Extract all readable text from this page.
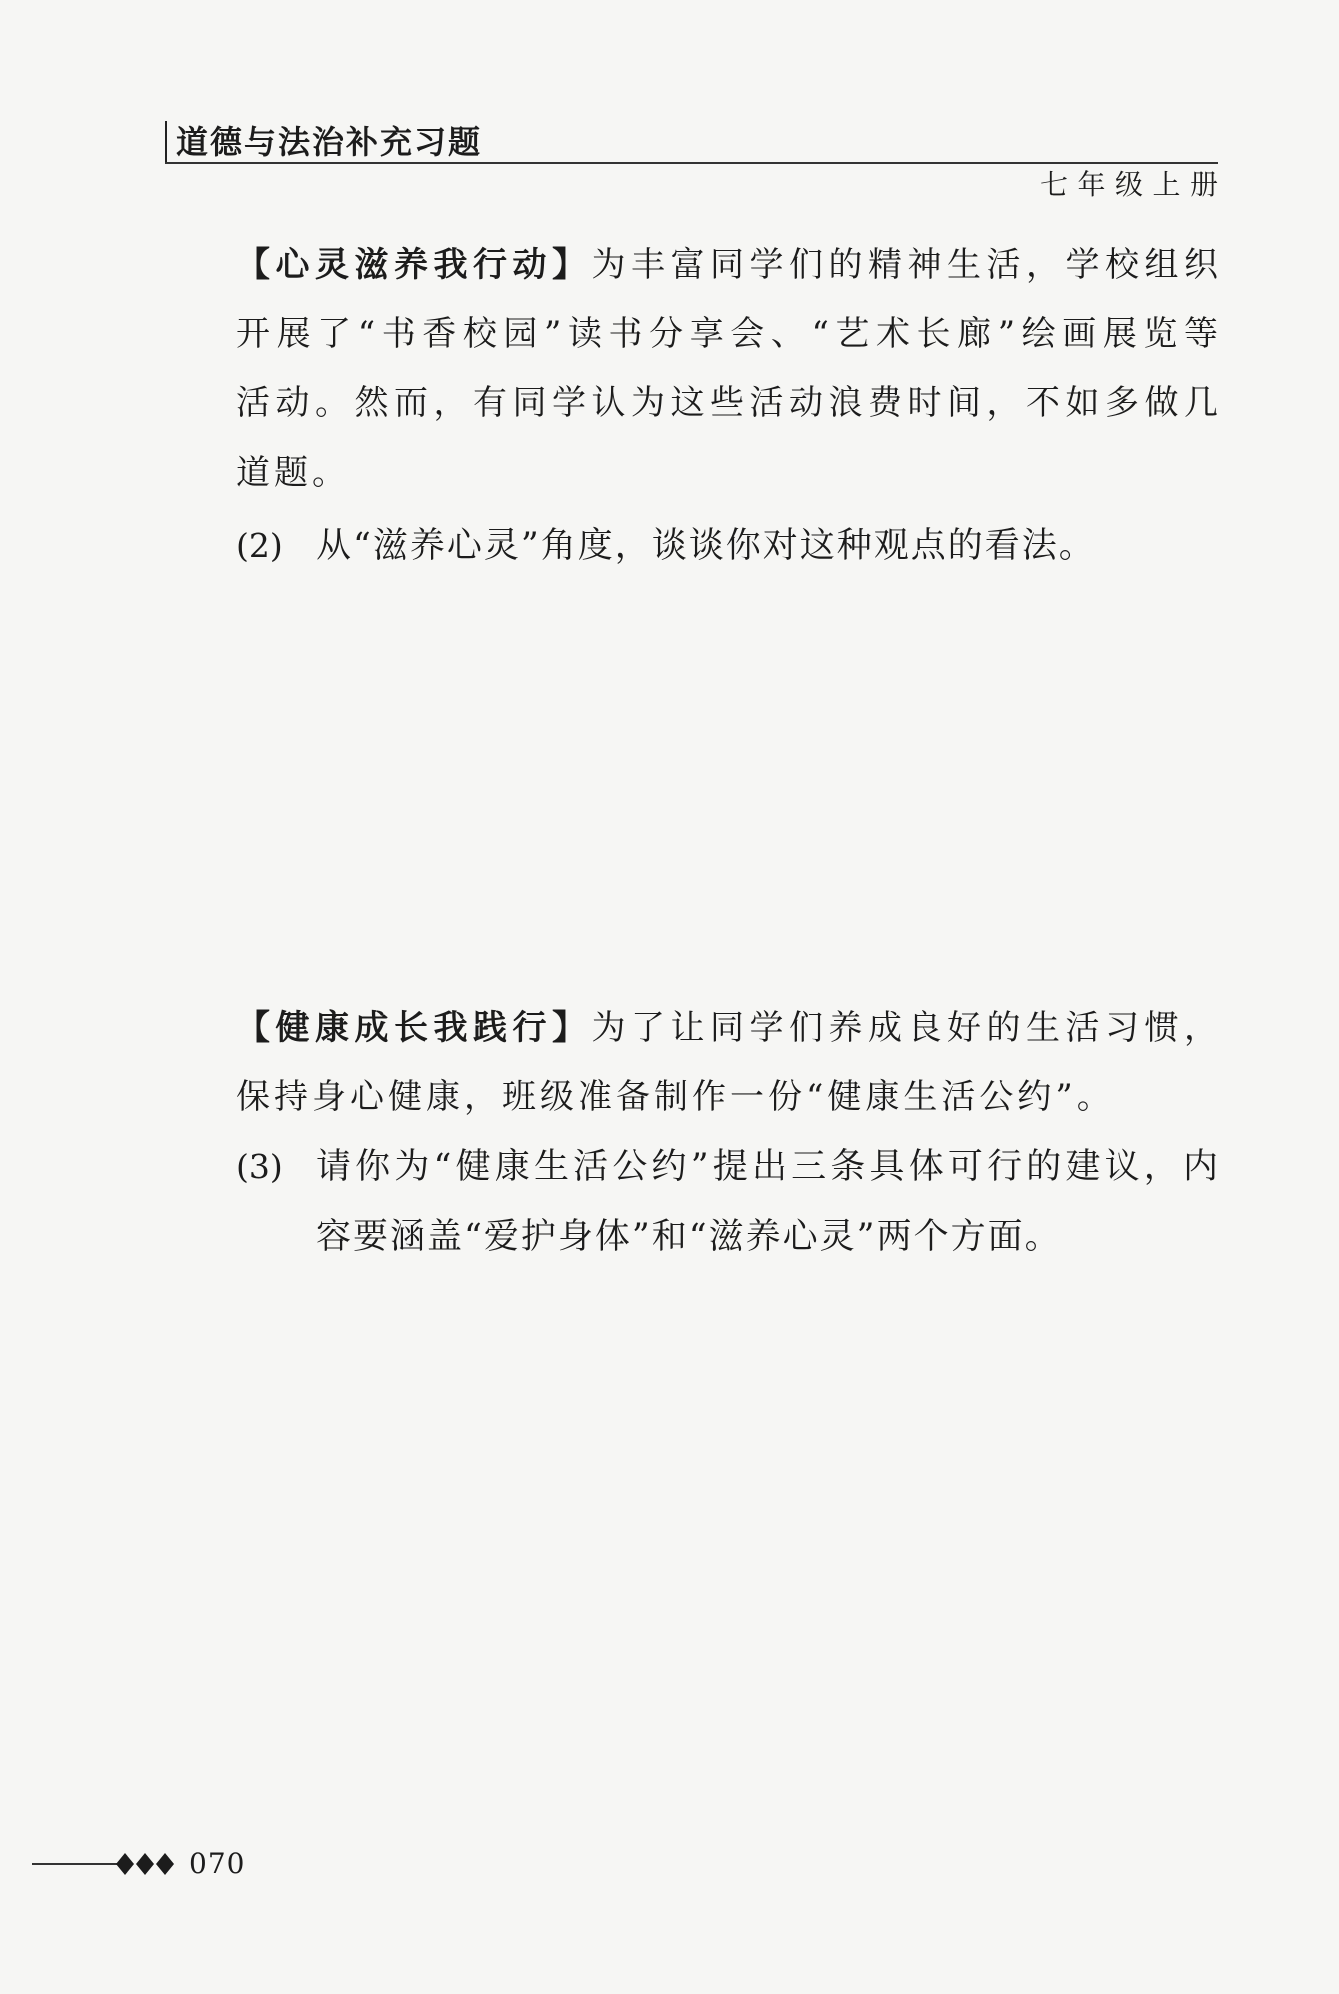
道德与法治补充习题
七年级上册
【心灵滋养我行动】为丰富同学们的精神生活，学校组织
开展了“书香校园”读书分享会、“艺术长廊”绘画展览等
活动。然而，有同学认为这些活动浪费时间，不如多做几
道题。
(2) 从“滋养心灵”角度，谈谈你对这种观点的看法。
【健康成长我践行】为了让同学们养成良好的生活习惯，
保持身心健康，班级准备制作一份“健康生活公约”。
(3) 请你为“健康生活公约”提出三条具体可行的建议，内
容要涵盖“爱护身体”和“滋养心灵”两个方面。
070
